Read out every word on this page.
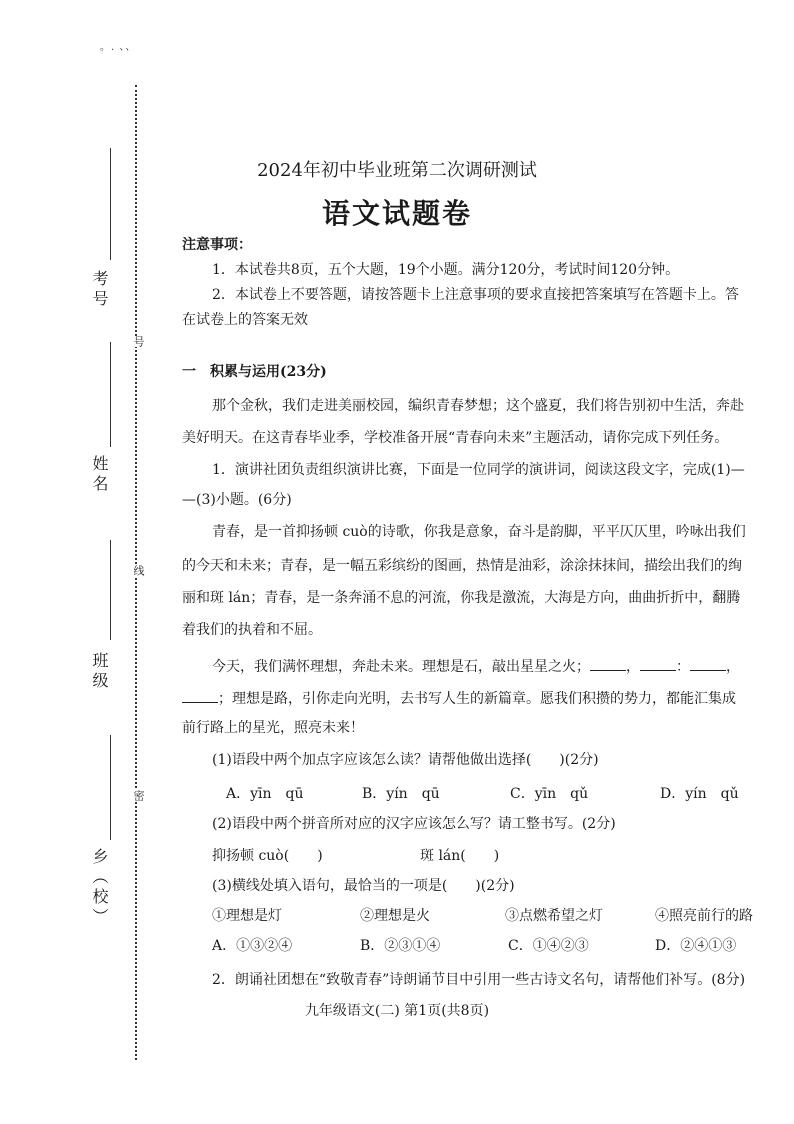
。. 、、
考号
姓名
班级
乡（校）
号
线
密
2024年初中毕业班第二次调研测试
语文试题卷
注意事项：
1．本试卷共8页，五个大题，19个小题。满分120分，考试时间120分钟。
2．本试卷上不要答题，请按答题卡上注意事项的要求直接把答案填写在答题卡上。答
在试卷上的答案无效
一　积累与运用(23分)
那个金秋，我们走进美丽校园，编织青春梦想；这个盛夏，我们将告别初中生活，奔赴
美好明天。在这青春毕业季，学校准备开展“青春向未来”主题活动，请你完成下列任务。
1．演讲社团负责组织演讲比赛，下面是一位同学的演讲词，阅读这段文字，完成(1)—
—(3)小题。(6分)
青春，是一首抑扬顿 cuò的诗歌，你我是意象，奋斗是韵脚，平平仄仄里，吟咏出我们
的今天和未来；青春，是一幅五彩缤纷的图画，热情是油彩，涂涂抹抹间，描绘出我们的绚
丽和斑 lán；青春，是一条奔涌不息的河流，你我是激流，大海是方向，曲曲折折中，翻腾
着我们的执着和不屈。
今天，我们满怀理想，奔赴未来。理想是石，敲出星星之火；	，	：	，
；理想是路，引你走向光明，去书写人生的新篇章。愿我们积攒的势力，都能汇集成
前行路上的星光，照亮未来！
(1)语段中两个加点字应该怎么读？请帮他做出选择(　　)(2分)
A．yīn　qū	B．yín　qū	C．yīn　qǔ	D．yín　qǔ
(2)语段中两个拼音所对应的汉字应该怎么写？请工整书写。(2分)
抑扬顿 cuò(　　)	斑 lán(　　)
(3)横线处填入语句，最恰当的一项是(　　)(2分)
①理想是灯	②理想是火	③点燃希望之灯	④照亮前行的路
A．①③②④	B．②③①④	C．①④②③	D．②④①③
2．朗诵社团想在“致敬青春”诗朗诵节目中引用一些古诗文名句，请帮他们补写。(8分)
九年级语文(二) 第1页(共8页)
